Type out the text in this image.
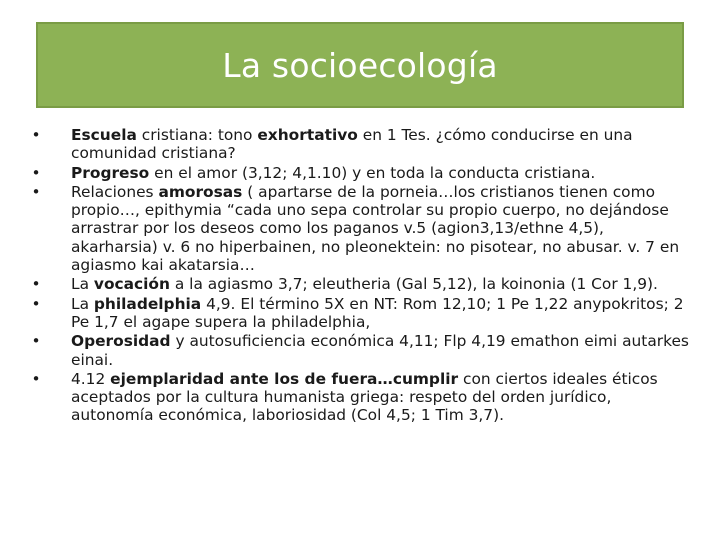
La socioecología
• Escuela cristiana: tono exhortativo en 1 Tes. ¿cómo conducirse en una comunidad cristiana?
• Progreso en el amor (3,12; 4,1.10) y en toda la conducta cristiana.
• Relaciones amorosas ( apartarse de la porneia…los cristianos tienen como propio…, epithymia “cada uno sepa controlar su propio cuerpo, no dejándose arrastrar por los deseos como los paganos v.5 (agion3,13/ethne 4,5), akarharsia) v. 6 no hiperbainen, no pleonektein: no pisotear, no abusar. v. 7 en agiasmo kai akatarsia…
• La vocación a la agiasmo 3,7; eleutheria (Gal 5,12), la koinonia (1 Cor 1,9).
• La philadelphia 4,9. El término 5X en NT: Rom 12,10; 1 Pe 1,22 anypokritos; 2 Pe 1,7 el agape supera la philadelphia,
• Operosidad y autosuficiencia económica 4,11; Flp 4,19 emathon eimi autarkes einai.
• 4.12 ejemplaridad ante los de fuera…cumplir con ciertos ideales éticos aceptados por la cultura humanista griega: respeto del orden jurídico, autonomía económica, laboriosidad (Col 4,5; 1 Tim 3,7).
